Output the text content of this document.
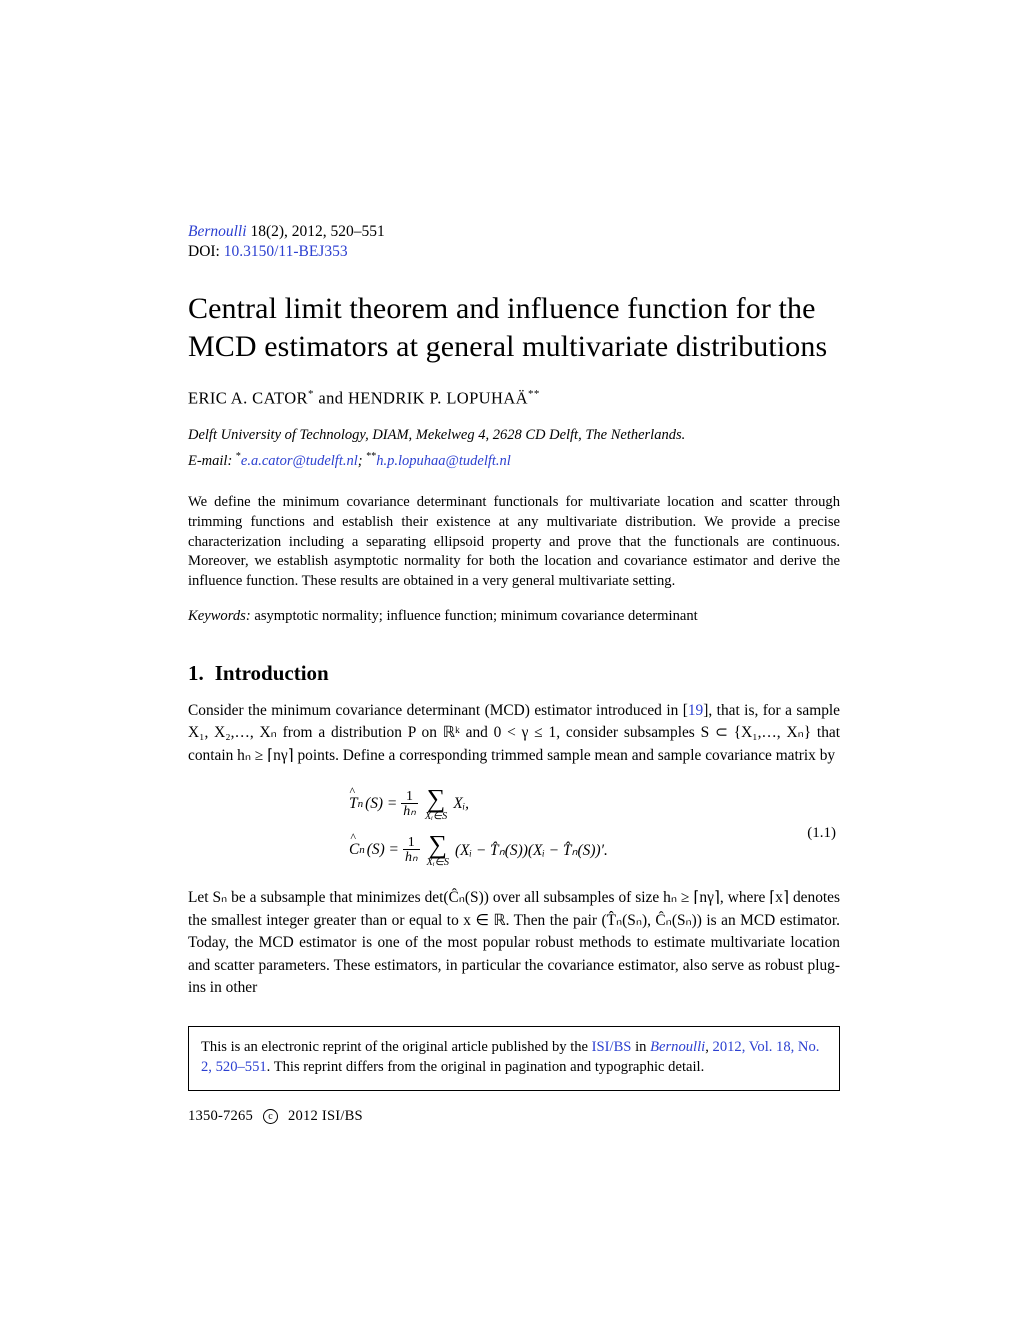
Bernoulli 18(2), 2012, 520–551
DOI: 10.3150/11-BEJ353
Central limit theorem and influence function for the MCD estimators at general multivariate distributions
ERIC A. CATOR* and HENDRIK P. LOPUHAÄ**
Delft University of Technology, DIAM, Mekelweg 4, 2628 CD Delft, The Netherlands.
E-mail: *e.a.cator@tudelft.nl; **h.p.lopuhaa@tudelft.nl
We define the minimum covariance determinant functionals for multivariate location and scatter through trimming functions and establish their existence at any multivariate distribution. We provide a precise characterization including a separating ellipsoid property and prove that the functionals are continuous. Moreover, we establish asymptotic normality for both the location and covariance estimator and derive the influence function. These results are obtained in a very general multivariate setting.
Keywords: asymptotic normality; influence function; minimum covariance determinant
1. Introduction
Consider the minimum covariance determinant (MCD) estimator introduced in [19], that is, for a sample X₁, X₂,…, Xₙ from a distribution P on ℝᵏ and 0 < γ ≤ 1, consider subsamples S ⊂ {X₁,…, Xₙ} that contain hₙ ≥ ⌈nγ⌉ points. Define a corresponding trimmed sample mean and sample covariance matrix by
(1.1)
^
T n $(S) = \frac{1}{\text{hₙ}}$ ∑
Xᵢ∈S
Xᵢ,
^
C n $(S) = \frac{1}{\text{hₙ}}$ ∑
Xᵢ∈S
(Xᵢ − T̂ₙ(S))(Xᵢ − T̂ₙ(S))′.
Let Sₙ be a subsample that minimizes det(Ĉₙ(S)) over all subsamples of size hₙ ≥ ⌈nγ⌉, where ⌈x⌉ denotes the smallest integer greater than or equal to x ∈ ℝ. Then the pair (T̂ₙ(Sₙ), Ĉₙ(Sₙ)) is an MCD estimator. Today, the MCD estimator is one of the most popular robust methods to estimate multivariate location and scatter parameters. These estimators, in particular the covariance estimator, also serve as robust plug-ins in other
This is an electronic reprint of the original article published by the ISI/BS in Bernoulli, 2012, Vol. 18, No. 2, 520–551. This reprint differs from the original in pagination and typographic detail.
1350-7265 c 2012 ISI/BS
